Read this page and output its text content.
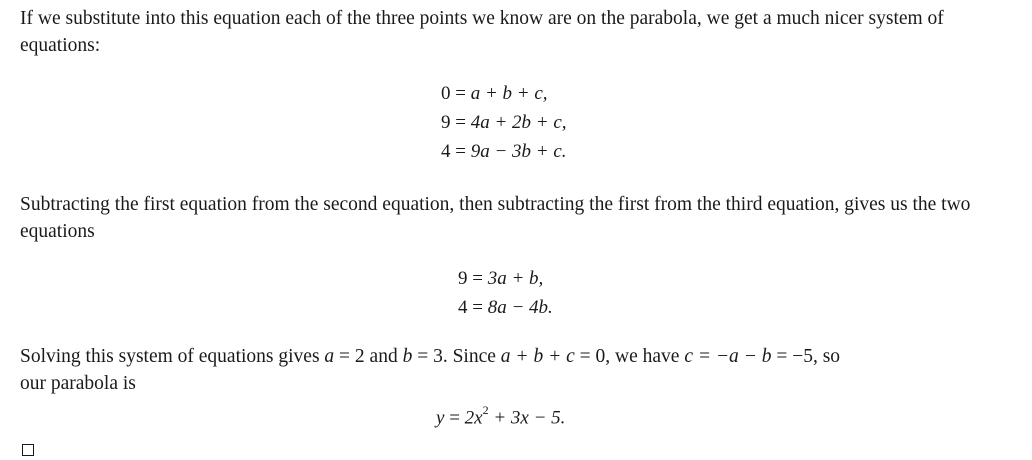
If we substitute into this equation each of the three points we know are on the parabola, we get a much nicer system of equations:
0 = a + b + c,
9 = 4a + 2b + c,
4 = 9a − 3b + c.
Subtracting the first equation from the second equation, then subtracting the first from the third equation, gives us the two equations
9 = 3a + b,
4 = 8a − 4b.
Solving this system of equations gives a = 2 and b = 3. Since a + b + c = 0, we have c = −a − b = −5, so
our parabola is
$y = 2x^2 + 3x - 5$.
